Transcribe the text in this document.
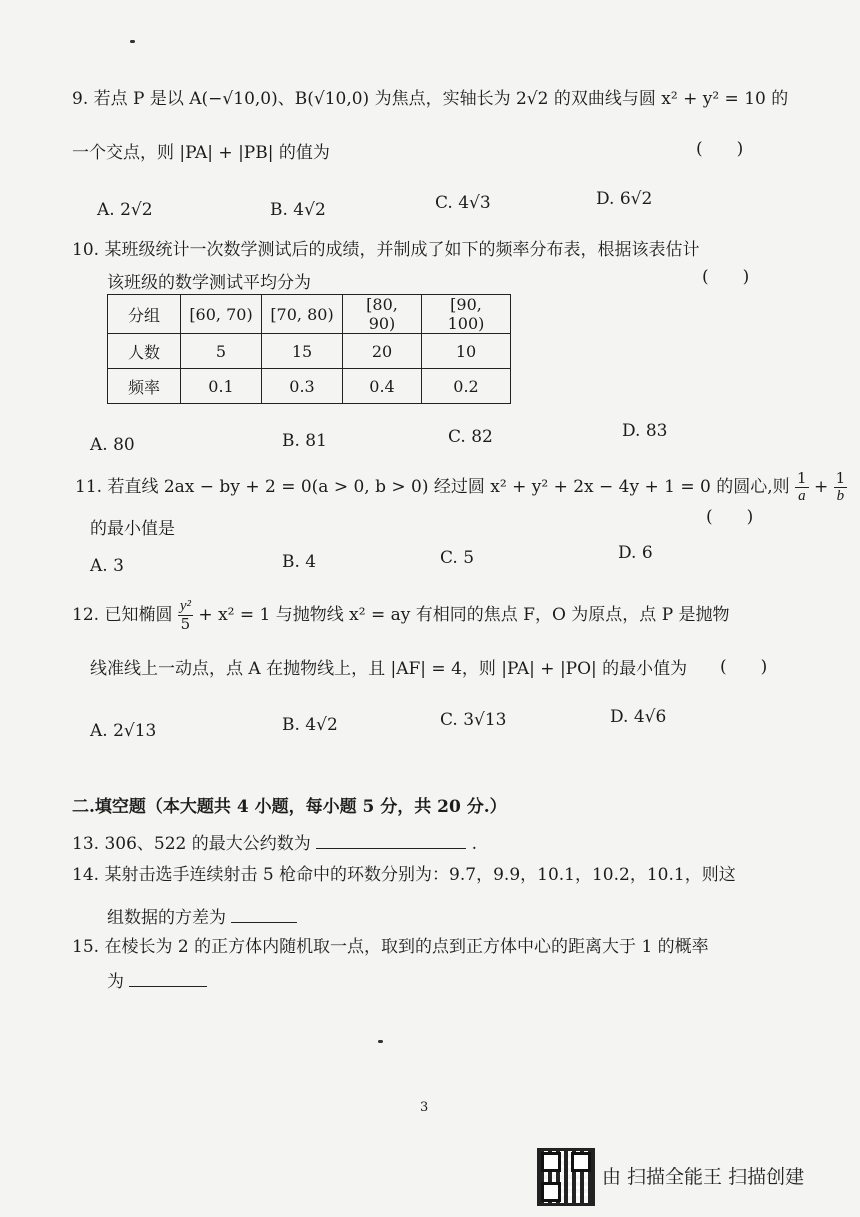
9. 若点 P 是以 A(−√10,0)、B(√10,0) 为焦点，实轴长为 2√2 的双曲线与圆 x² + y² = 10 的
一个交点，则 |PA| + |PB| 的值为	(　　)
A. 2√2	B. 4√2	C. 4√3	D. 6√2
10. 某班级统计一次数学测试后的成绩，并制成了如下的频率分布表，根据该表估计
该班级的数学测试平均分为	(　　)
分组	[60, 70)	[70, 80)	[80, 90)	[90, 100)
人数	5	15	20	10
频率	0.1	0.3	0.4	0.2
A. 80	B. 81	C. 82	D. 83
11. 若直线 2ax − by + 2 = 0(a > 0, b > 0) 经过圆 x² + y² + 2x − 4y + 1 = 0 的圆心,则 $\frac{1}{a} + \frac{1}{b}$
的最小值是
(　　)
A. 3	B. 4	C. 5	D. 6
12. 已知椭圆 $\frac{\text{y²}}{5} + x^2 = 1$ 与抛物线 x² = ay 有相同的焦点 F，O 为原点，点 P 是抛物
线准线上一动点，点 A 在抛物线上，且 |AF| = 4，则 |PA| + |PO| 的最小值为 (　　)
A. 2√13	B. 4√2	C. 3√13	D. 4√6
二.填空题（本大题共 4 小题，每小题 5 分，共 20 分.）
13. 306、522 的最大公约数为	.
14. 某射击选手连续射击 5 枪命中的环数分别为：9.7，9.9，10.1，10.2，10.1，则这
组数据的方差为
15. 在棱长为 2 的正方体内随机取一点，取到的点到正方体中心的距离大于 1 的概率
为
3
由 扫描全能王 扫描创建
